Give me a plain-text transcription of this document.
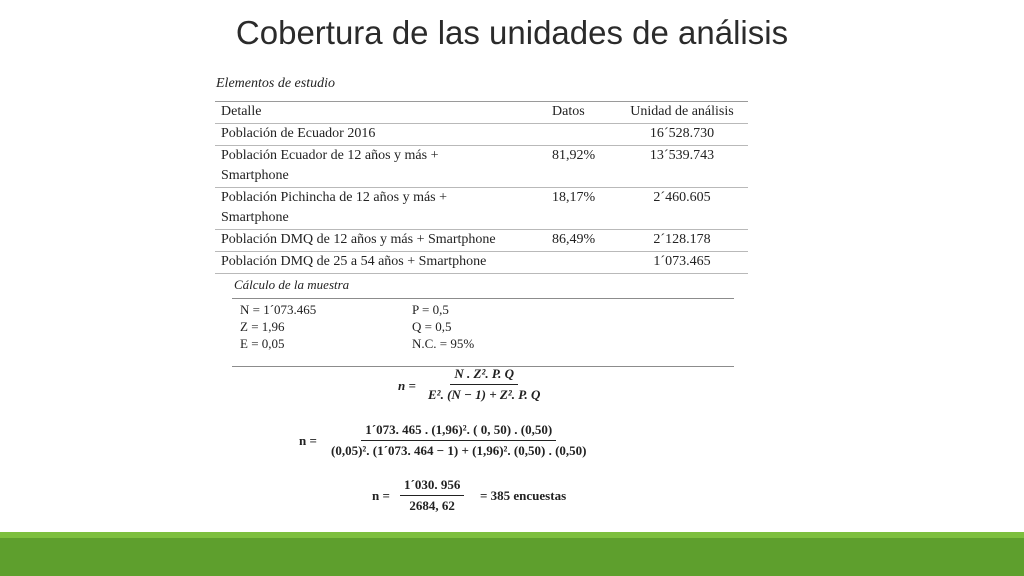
Cobertura de las unidades de análisis
Elementos de estudio
Detalle	Datos	Unidad de análisis
Población de Ecuador 2016		16´528.730
Población Ecuador de 12 años y más +
Smartphone	81,92%	13´539.743
Población Pichincha de 12 años y más +
Smartphone	18,17%	2´460.605
Población DMQ de 12 años y más + Smartphone	86,49%	2´128.178
Población DMQ de 25 a 54 años + Smartphone		1´073.465
Cálculo de la muestra
N = 1´073.465
Z = 1,96
E = 0,05
P = 0,5
Q = 0,5
N.C. = 95%
$n = \frac{\text{N . Z². P. Q}}{\text{E². (N − 1) + Z². P. Q}}$
$n = \frac{\text{1´073. 465 . (1,96)². ( 0, 50) . (0,50)}}{\text{(0,05)². (1´073. 464 − 1) + (1,96)². (0,50) . (0,50)}}$
$n = \frac{1´030. 956}{2684, 62} = 385$ encuestas
